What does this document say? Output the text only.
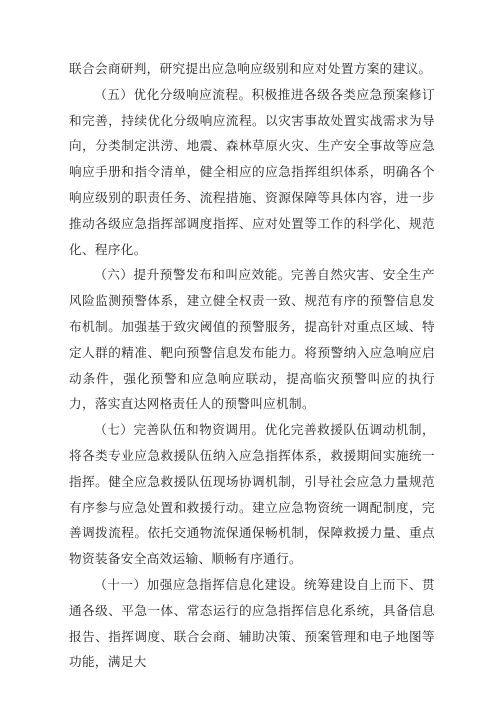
联合会商研判，研究提出应急响应级别和应对处置方案的建议。

（五）优化分级响应流程。积极推进各级各类应急预案修订和完善，持续优化分级响应流程。以灾害事故处置实战需求为导向，分类制定洪涝、地震、森林草原火灾、生产安全事故等应急响应手册和指令清单，健全相应的应急指挥组织体系，明确各个响应级别的职责任务、流程措施、资源保障等具体内容，进一步推动各级应急指挥部调度指挥、应对处置等工作的科学化、规范化、程序化。

（六）提升预警发布和叫应效能。完善自然灾害、安全生产风险监测预警体系，建立健全权责一致、规范有序的预警信息发布机制。加强基于致灾阈值的预警服务，提高针对重点区域、特定人群的精准、靶向预警信息发布能力。将预警纳入应急响应启动条件，强化预警和应急响应联动，提高临灾预警叫应的执行力，落实直达网格责任人的预警叫应机制。

（七）完善队伍和物资调用。优化完善救援队伍调动机制，将各类专业应急救援队伍纳入应急指挥体系，救援期间实施统一指挥。健全应急救援队伍现场协调机制，引导社会应急力量规范有序参与应急处置和救援行动。建立应急物资统一调配制度，完善调拨流程。依托交通物流保通保畅机制，保障救援力量、重点物资装备安全高效运输、顺畅有序通行。

（十一）加强应急指挥信息化建设。统筹建设自上而下、贯通各级、平急一体、常态运行的应急指挥信息化系统，具备信息报告、指挥调度、联合会商、辅助决策、预案管理和电子地图等功能，满足大
